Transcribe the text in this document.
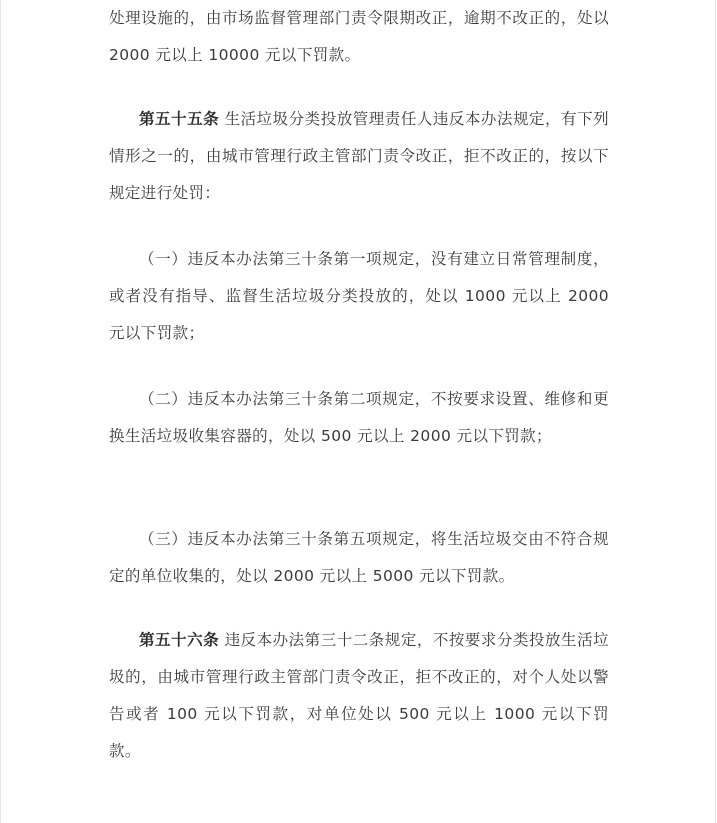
处理设施的，由市场监督管理部门责令限期改正，逾期不改正的，处以 2000 元以上 10000 元以下罚款。

第五十五条 生活垃圾分类投放管理责任人违反本办法规定，有下列情形之一的，由城市管理行政主管部门责令改正，拒不改正的，按以下规定进行处罚：

（一）违反本办法第三十条第一项规定，没有建立日常管理制度，或者没有指导、监督生活垃圾分类投放的，处以 1000 元以上 2000 元以下罚款；

（二）违反本办法第三十条第二项规定，不按要求设置、维修和更换生活垃圾收集容器的，处以 500 元以上 2000 元以下罚款；

（三）违反本办法第三十条第五项规定，将生活垃圾交由不符合规定的单位收集的，处以 2000 元以上 5000 元以下罚款。

第五十六条 违反本办法第三十二条规定，不按要求分类投放生活垃圾的，由城市管理行政主管部门责令改正，拒不改正的，对个人处以警告或者 100 元以下罚款，对单位处以 500 元以上 1000 元以下罚款。
